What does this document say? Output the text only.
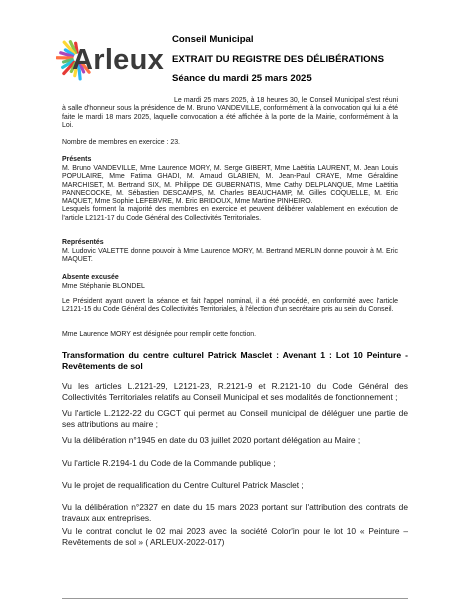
Arleux
Conseil Municipal
EXTRAIT DU REGISTRE DES DÉLIBÉRATIONS
Séance du mardi 25 mars 2025
Le mardi 25 mars 2025, à 18 heures 30, le Conseil Municipal s'est réuni à salle d'honneur sous la présidence de M. Bruno VANDEVILLE, conformément à la convocation qui lui a été faite le mardi 18 mars 2025, laquelle convocation a été affichée à la porte de la Mairie, conformément à la Loi.
Nombre de membres en exercice : 23.
Présents
M. Bruno VANDEVILLE, Mme Laurence MORY, M. Serge GIBERT, Mme Laëtitia LAURENT, M. Jean Louis POPULAIRE, Mme Fatima GHADI, M. Arnaud GLABIEN, M. Jean-Paul CRAYE, Mme Géraldine MARCHISET, M. Bertrand SIX, M. Philippe DE GUBERNATIS, Mme Cathy DELPLANQUE, Mme Laëtitia PANNECOCKE, M. Sébastien DESCAMPS, M. Charles BEAUCHAMP, M. Gilles COQUELLE, M. Eric MAQUET, Mme Sophie LEFEBVRE, M. Eric BRIDOUX, Mme Martine PINHEIRO.
Lesquels forment la majorité des membres en exercice et peuvent délibérer valablement en exécution de l'article L2121-17 du Code Général des Collectivités Territoriales.
Représentés
M. Ludovic VALETTE donne pouvoir à Mme Laurence MORY, M. Bertrand MERLIN donne pouvoir à M. Eric MAQUET.
Absente excusée
Mme Stéphanie BLONDEL
Le Président ayant ouvert la séance et fait l'appel nominal, il a été procédé, en conformité avec l'article L2121-15 du Code Général des Collectivités Territoriales, à l'élection d'un secrétaire pris au sein du Conseil.
Mme Laurence MORY est désignée pour remplir cette fonction.
Transformation du centre culturel Patrick Masclet : Avenant 1 : Lot 10 Peinture - Revêtements de sol
Vu les articles L.2121-29, L2121-23, R.2121-9 et R.2121-10 du Code Général des Collectivités Territoriales relatifs au Conseil Municipal et ses modalités de fonctionnement ;
Vu l'article L.2122-22 du CGCT qui permet au Conseil municipal de déléguer une partie de ses attributions au maire ;
Vu la délibération n°1945 en date du 03 juillet 2020 portant délégation au Maire ;
Vu l'article R.2194-1 du Code de la Commande publique ;
Vu le projet de requalification du Centre Culturel Patrick Masclet ;
Vu la délibération n°2327 en date du 15 mars 2023 portant sur l'attribution des contrats de travaux aux entreprises.
Vu le contrat conclut le 02 mai 2023 avec la société Color'in pour le lot 10 « Peinture – Revêtements de sol » ( ARLEUX-2022-017)
